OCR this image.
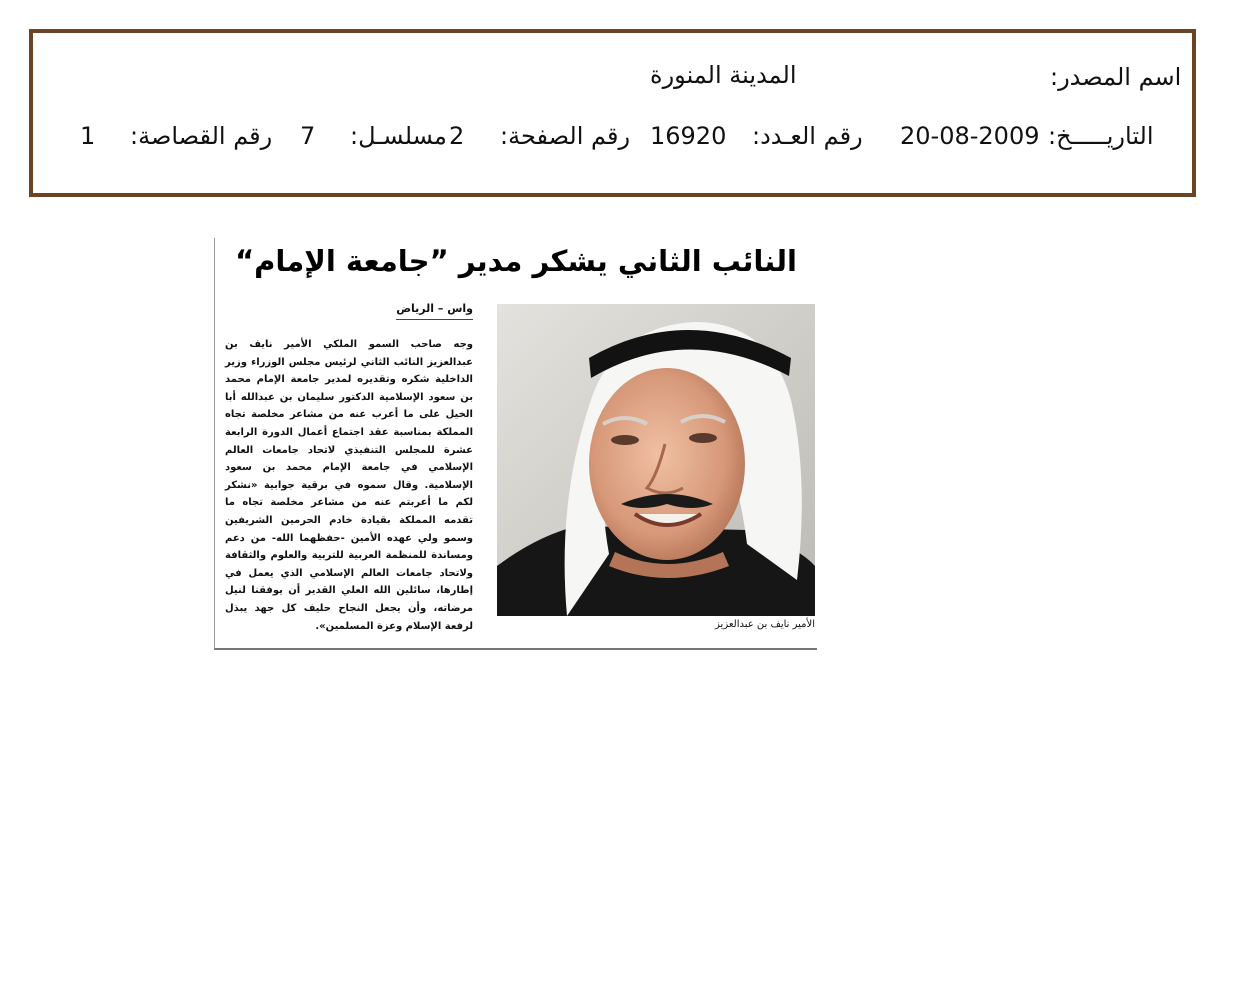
اسم المصدر:
المدينة المنورة
التاريـــــخ:
20-08-2009
رقم العـدد:
16920
رقم الصفحة:
2
مسلسـل:
7
رقم القصاصة:
1
النائب الثاني يشكر مدير ”جامعة الإمام“
واس – الرياض
وجه صاحب السمو الملكي الأمير نايف بن عبدالعزيز النائب الثاني لرئيس مجلس الوزراء وزير الداخلية شكره وتقديره لمدير جامعة الإمام محمد بن سعود الإسلامية الدكتور سليمان بن عبدالله أبا الخيل على ما أعرب عنه من مشاعر مخلصة تجاه المملكة بمناسبة عقد اجتماع أعمال الدورة الرابعة عشرة للمجلس التنفيذي لاتحاد جامعات العالم الإسلامي في جامعة الإمام محمد بن سعود الإسلامية. وقال سموه في برقية جوابية «نشكر لكم ما أعربتم عنه من مشاعر مخلصة تجاه ما تقدمه المملكة بقيادة خادم الحرمين الشريفين وسمو ولي عهده الأمين -حفظهما الله- من دعم ومساندة للمنظمة العربية للتربية والعلوم والثقافة ولاتحاد جامعات العالم الإسلامي الذي يعمل في إطارها، سائلين الله العلي القدير أن يوفقنا لنيل مرضاته، وأن يجعل النجاح حليف كل جهد يبذل لرفعة الإسلام وعزة المسلمين».	الأمير نايف بن عبدالعزيز
